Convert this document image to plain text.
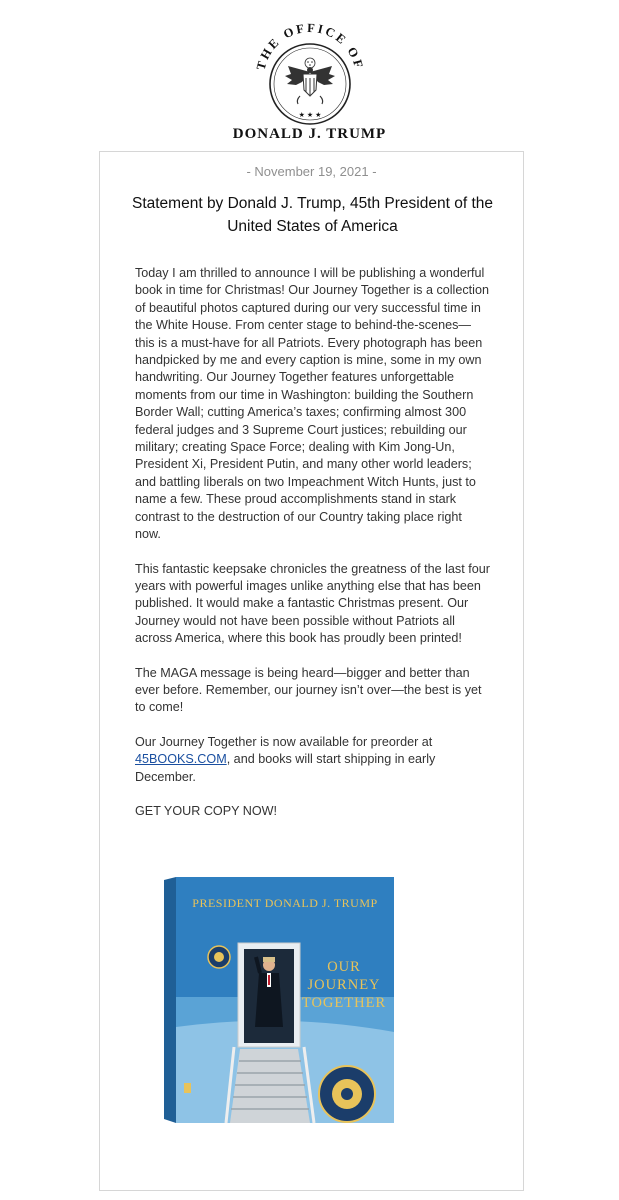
THE OFFICE OF
★ ★ ★
DONALD J. TRUMP
- November 19, 2021 -
Statement by Donald J. Trump, 45th President of the United States of America

Today I am thrilled to announce I will be publishing a wonderful book in time for Christmas! Our Journey Together is a collection of beautiful photos captured during our very successful time in the White House. From center stage to behind-the-scenes—this is a must-have for all Patriots. Every photograph has been handpicked by me and every caption is mine, some in my own handwriting. Our Journey Together features unforgettable moments from our time in Washington: building the Southern Border Wall; cutting America’s taxes; confirming almost 300 federal judges and 3 Supreme Court justices; rebuilding our military; creating Space Force; dealing with Kim Jong-Un, President Xi, President Putin, and many other world leaders; and battling liberals on two Impeachment Witch Hunts, just to name a few. These proud accomplishments stand in stark contrast to the destruction of our Country taking place right now.

This fantastic keepsake chronicles the greatness of the last four years with powerful images unlike anything else that has been published. It would make a fantastic Christmas present. Our Journey would not have been possible without Patriots all across America, where this book has proudly been printed!

The MAGA message is being heard—bigger and better than ever before. Remember, our journey isn’t over—the best is yet to come!

Our Journey Together is now available for preorder at 45BOOKS.COM, and books will start shipping in early December.

GET YOUR COPY NOW!

PRESIDENT DONALD J. TRUMP
OUR
JOURNEY
TOGETHER
